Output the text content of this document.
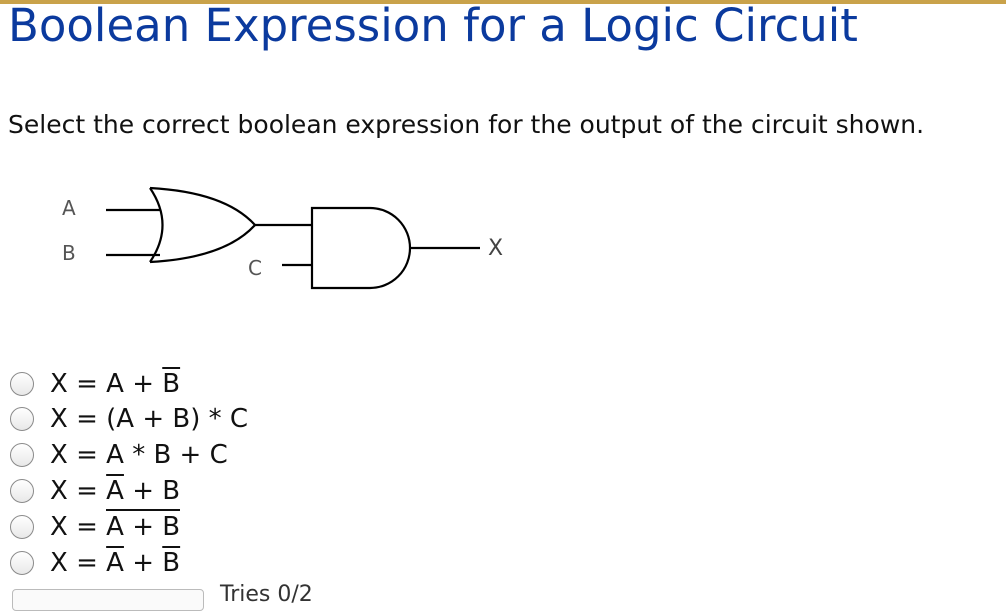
Boolean Expression for a Logic Circuit

Select the correct boolean expression for the output of the circuit shown.

A
B
C
X
$X = A + \overline{B}$
X = (A + B) * C
X = A * B + C
$X = \overline{A} + B$
X = A + B
$X = \overline{A} + \overline{B}$
Tries 0/2
